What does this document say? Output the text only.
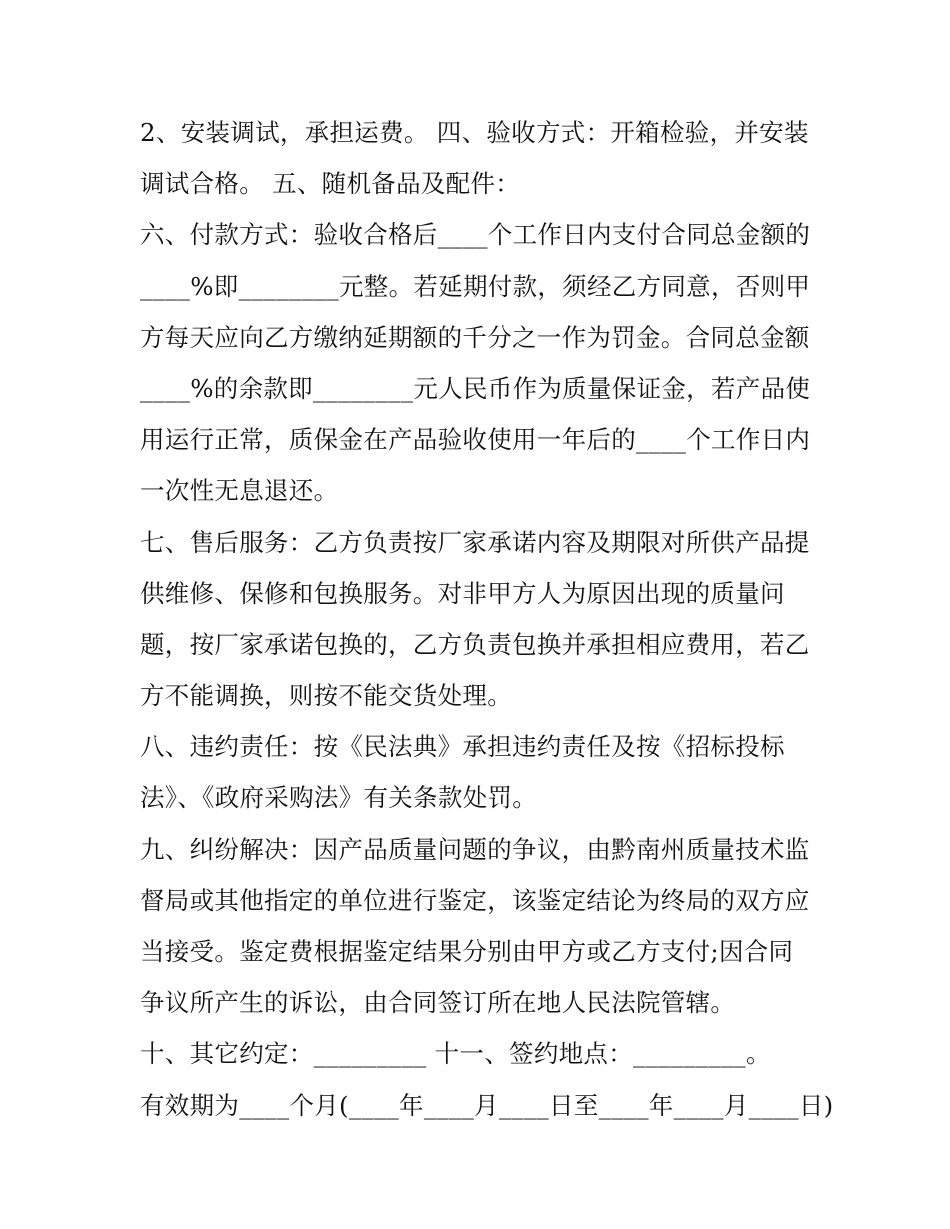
2、安装调试，承担运费。 四、验收方式：开箱检验，并安装
调试合格。 五、随机备品及配件：
六、付款方式：验收合格后____个工作日内支付合同总金额的
____%即________元整。若延期付款，须经乙方同意，否则甲
方每天应向乙方缴纳延期额的千分之一作为罚金。合同总金额
____%的余款即________元人民币作为质量保证金，若产品使
用运行正常，质保金在产品验收使用一年后的____个工作日内
一次性无息退还。
七、售后服务：乙方负责按厂家承诺内容及期限对所供产品提
供维修、保修和包换服务。对非甲方人为原因出现的质量问
题，按厂家承诺包换的，乙方负责包换并承担相应费用，若乙
方不能调换，则按不能交货处理。
八、违约责任：按《民法典》承担违约责任及按《招标投标
法》、《政府采购法》有关条款处罚。
九、纠纷解决：因产品质量问题的争议，由黔南州质量技术监
督局或其他指定的单位进行鉴定，该鉴定结论为终局的双方应
当接受。鉴定费根据鉴定结果分别由甲方或乙方支付;因合同
争议所产生的诉讼，由合同签订所在地人民法院管辖。
十、其它约定：_________ 十一、签约地点：_________。
有效期为____个月(____年____月____日至____年____月____日)
